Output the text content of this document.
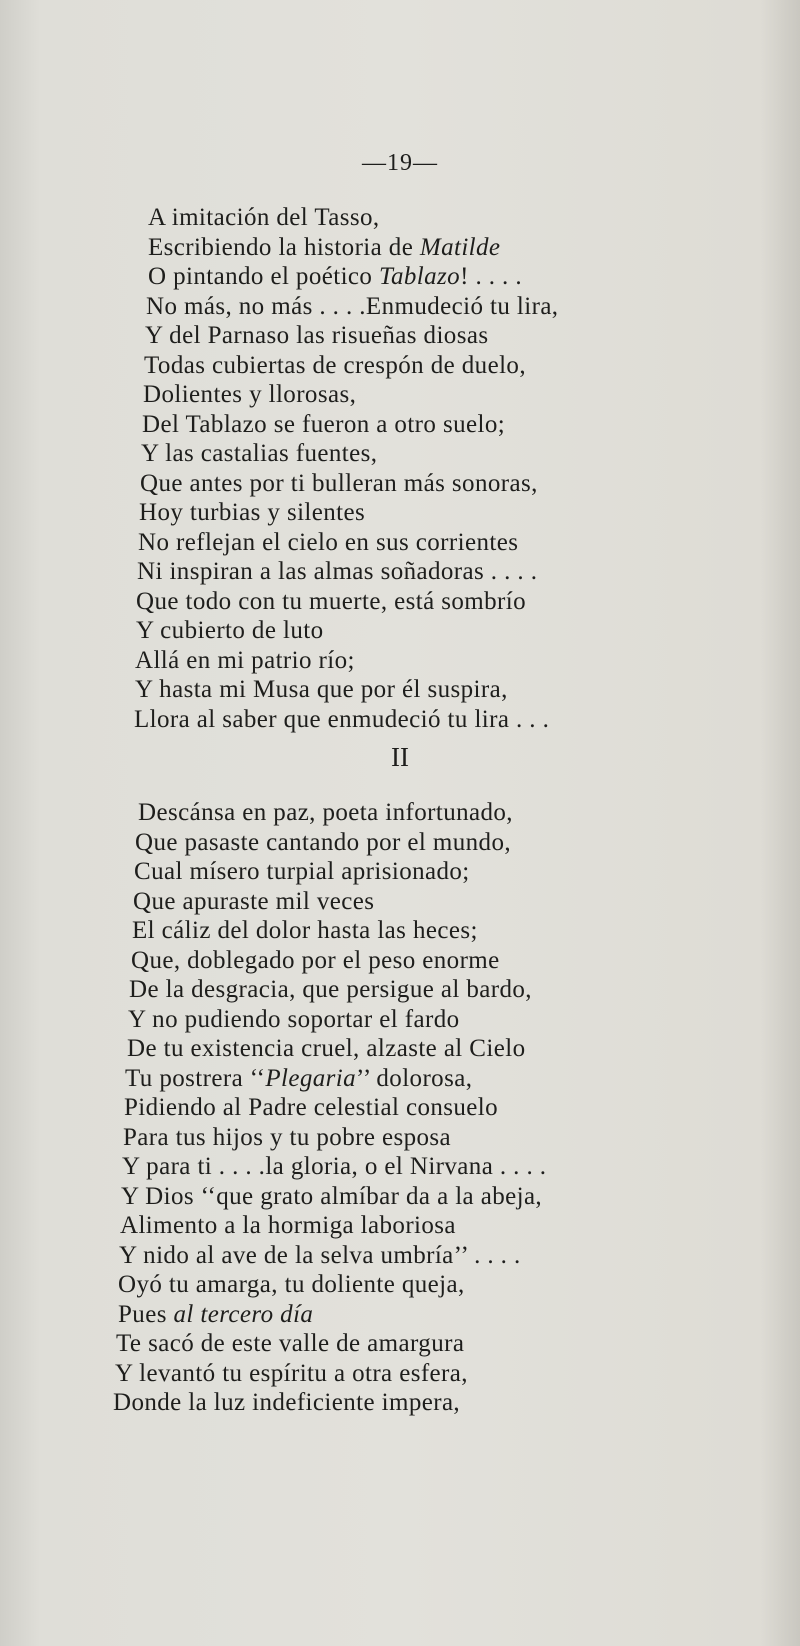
—19—
A imitación del Tasso,
Escribiendo la historia de Matilde
O pintando el poético Tablazo! . . . .
No más, no más . . . .Enmudeció tu lira,
Y del Parnaso las risueñas diosas
Todas cubiertas de crespón de duelo,
Dolientes y llorosas,
Del Tablazo se fueron a otro suelo;
Y las castalias fuentes,
Que antes por ti bulleran más sonoras,
Hoy turbias y silentes
No reflejan el cielo en sus corrientes
Ni inspiran a las almas soñadoras . . . .
Que todo con tu muerte, está sombrío
Y cubierto de luto
Allá en mi patrio río;
Y hasta mi Musa que por él suspira,
Llora al saber que enmudeció tu lira . . .
II
Descánsa en paz, poeta infortunado,
Que pasaste cantando por el mundo,
Cual mísero turpial aprisionado;
Que apuraste mil veces
El cáliz del dolor hasta las heces;
Que, doblegado por el peso enorme
De la desgracia, que persigue al bardo,
Y no pudiendo soportar el fardo
De tu existencia cruel, alzaste al Cielo
Tu postrera ‘‘Plegaria’’ dolorosa,
Pidiendo al Padre celestial consuelo
Para tus hijos y tu pobre esposa
Y para ti . . . .la gloria, o el Nirvana . . . .
Y Dios ‘‘que grato almíbar da a la abeja,
Alimento a la hormiga laboriosa
Y nido al ave de la selva umbría’’ . . . .
Oyó tu amarga, tu doliente queja,
Pues al tercero día
Te sacó de este valle de amargura
Y levantó tu espíritu a otra esfera,
Donde la luz indeficiente impera,
